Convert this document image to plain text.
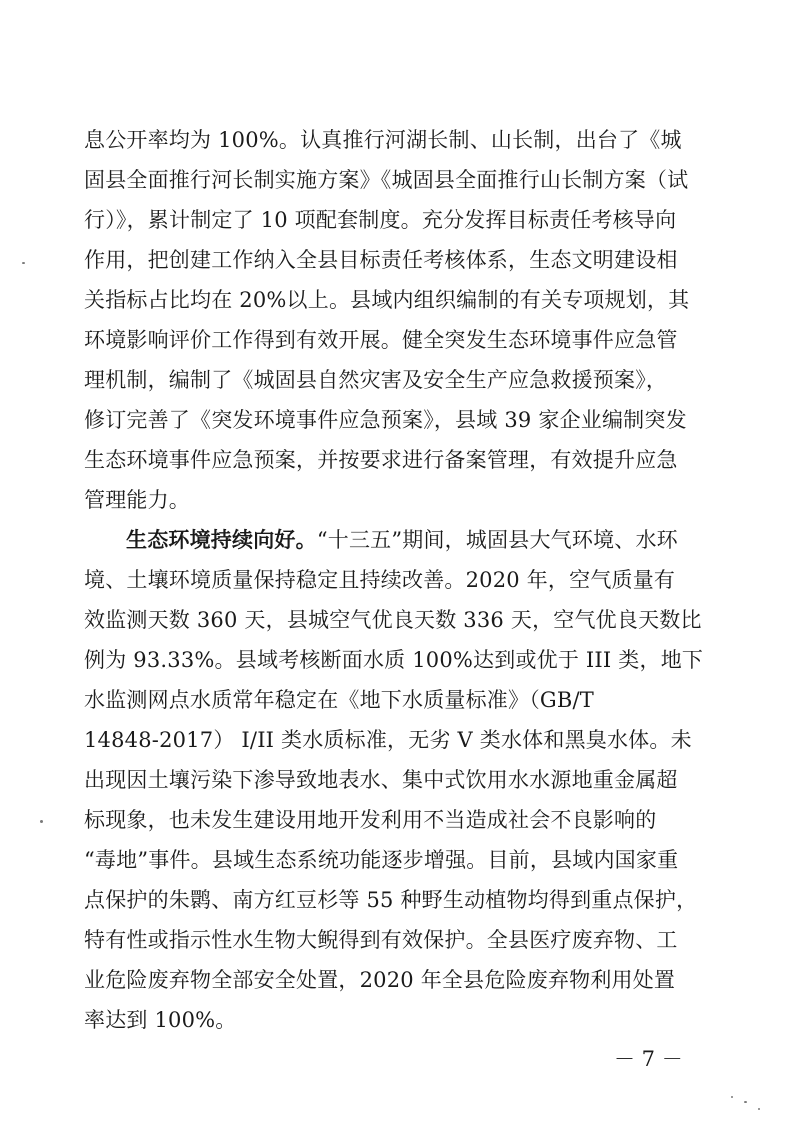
息公开率均为 100%。认真推行河湖长制、山长制，出台了《城
固县全面推行河长制实施方案》《城固县全面推行山长制方案（试
行）》，累计制定了 10 项配套制度。充分发挥目标责任考核导向
作用，把创建工作纳入全县目标责任考核体系，生态文明建设相
关指标占比均在 20%以上。县域内组织编制的有关专项规划，其
环境影响评价工作得到有效开展。健全突发生态环境事件应急管
理机制，编制了《城固县自然灾害及安全生产应急救援预案》，
修订完善了《突发环境事件应急预案》，县域 39 家企业编制突发
生态环境事件应急预案，并按要求进行备案管理，有效提升应急
管理能力。
生态环境持续向好。“十三五”期间，城固县大气环境、水环
境、土壤环境质量保持稳定且持续改善。2020 年，空气质量有
效监测天数 360 天，县城空气优良天数 336 天，空气优良天数比
例为 93.33%。县域考核断面水质 100%达到或优于 III 类，地下
水监测网点水质常年稳定在《地下水质量标准》（GB/T
14848-2017） I/II 类水质标准，无劣 V 类水体和黑臭水体。未
出现因土壤污染下渗导致地表水、集中式饮用水水源地重金属超
标现象，也未发生建设用地开发利用不当造成社会不良影响的
“毒地”事件。县域生态系统功能逐步增强。目前，县域内国家重
点保护的朱鹮、南方红豆杉等 55 种野生动植物均得到重点保护，
特有性或指示性水生物大鲵得到有效保护。全县医疗废弃物、工
业危险废弃物全部安全处置，2020 年全县危险废弃物利用处置
率达到 100%。
－ 7 －
